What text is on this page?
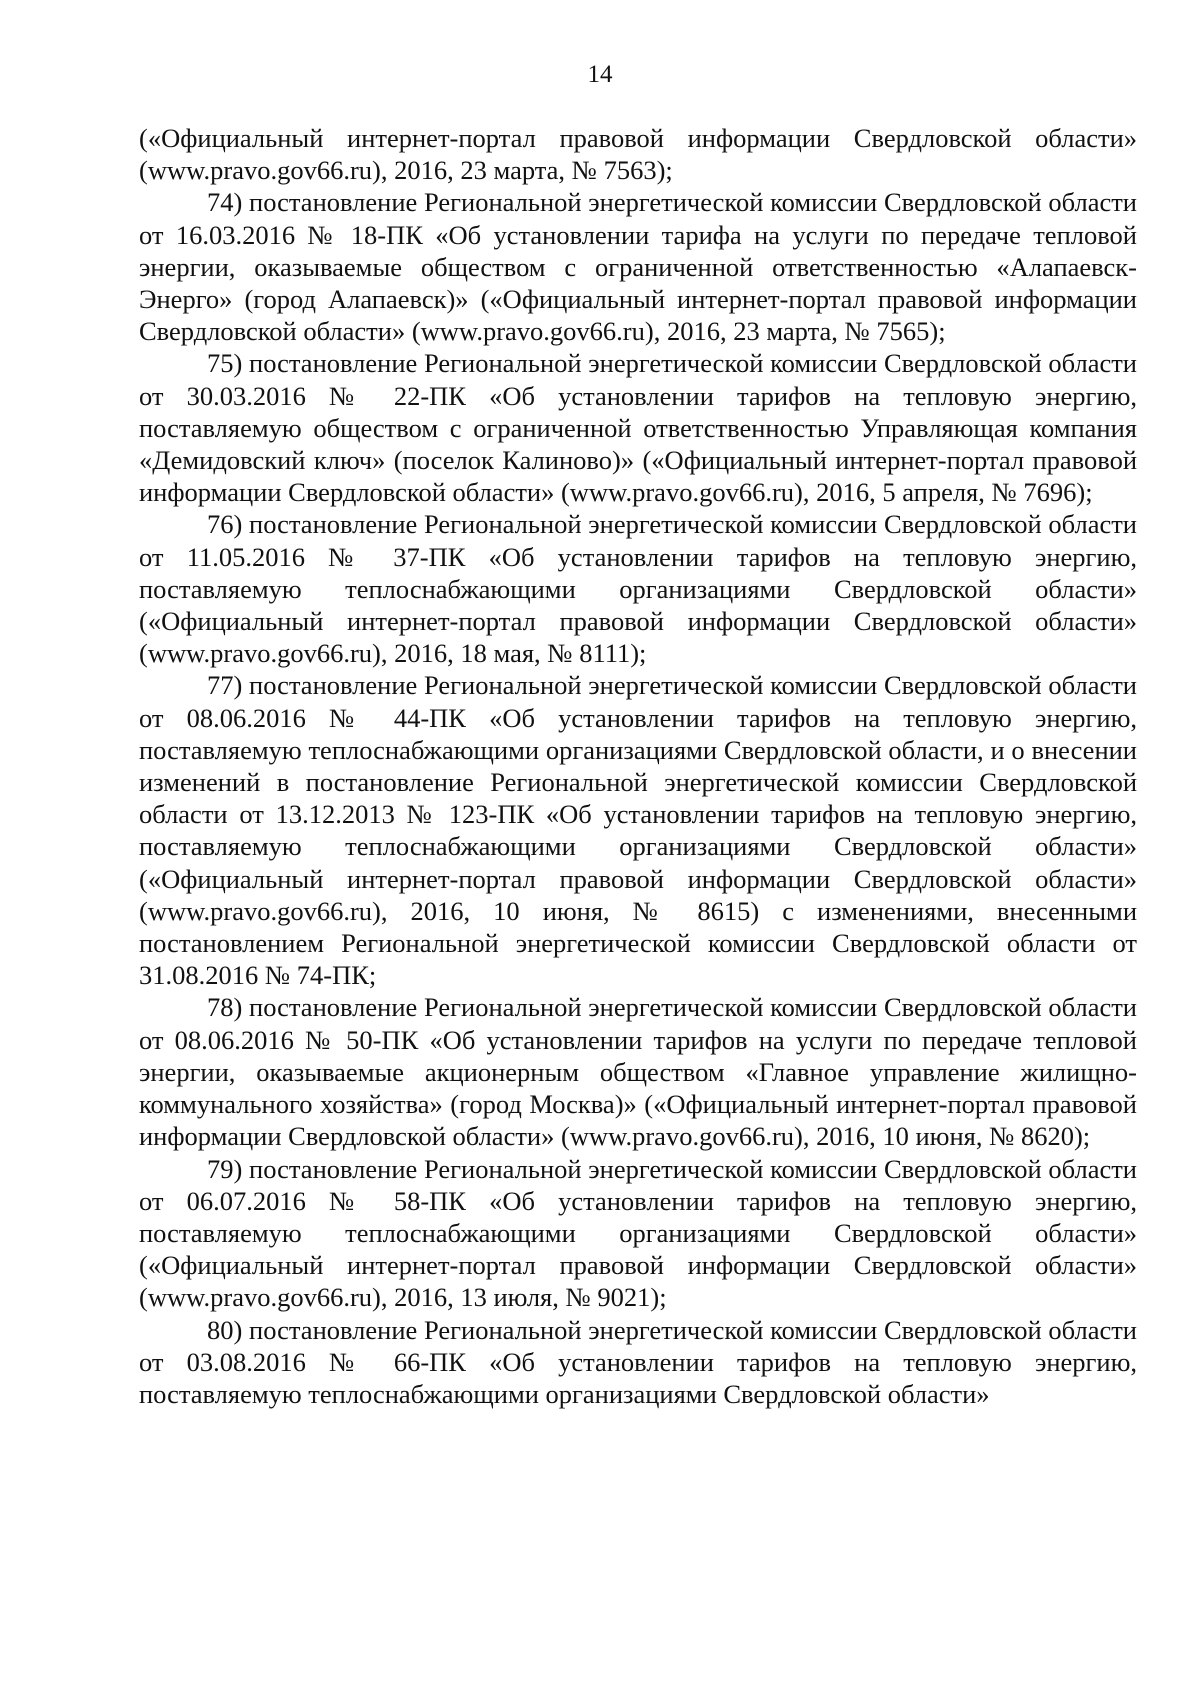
14

(«Официальный интернет-портал правовой информации Свердловской области» (www.pravo.gov66.ru), 2016, 23 марта, № 7563);

74) постановление Региональной энергетической комиссии Свердловской области от 16.03.2016 № 18-ПК «Об установлении тарифа на услуги по передаче тепловой энергии, оказываемые обществом с ограниченной ответственностью «Алапаевск-Энерго» (город Алапаевск)» («Официальный интернет-портал правовой информации Свердловской области» (www.pravo.gov66.ru), 2016, 23 марта, № 7565);

75) постановление Региональной энергетической комиссии Свердловской области от 30.03.2016 № 22-ПК «Об установлении тарифов на тепловую энергию, поставляемую обществом с ограниченной ответственностью Управляющая компания «Демидовский ключ» (поселок Калиново)» («Официальный интернет-портал правовой информации Свердловской области» (www.pravo.gov66.ru), 2016, 5 апреля, № 7696);

76) постановление Региональной энергетической комиссии Свердловской области от 11.05.2016 № 37-ПК «Об установлении тарифов на тепловую энергию, поставляемую теплоснабжающими организациями Свердловской области» («Официальный интернет-портал правовой информации Свердловской области» (www.pravo.gov66.ru), 2016, 18 мая, № 8111);

77) постановление Региональной энергетической комиссии Свердловской области от 08.06.2016 № 44-ПК «Об установлении тарифов на тепловую энергию, поставляемую теплоснабжающими организациями Свердловской области, и о внесении изменений в постановление Региональной энергетической комиссии Свердловской области от 13.12.2013 № 123-ПК «Об установлении тарифов на тепловую энергию, поставляемую теплоснабжающими организациями Свердловской области» («Официальный интернет-портал правовой информации Свердловской области» (www.pravo.gov66.ru), 2016, 10 июня, № 8615) с изменениями, внесенными постановлением Региональной энергетической комиссии Свердловской области от 31.08.2016 № 74-ПК;

78) постановление Региональной энергетической комиссии Свердловской области от 08.06.2016 № 50-ПК «Об установлении тарифов на услуги по передаче тепловой энергии, оказываемые акционерным обществом «Главное управление жилищно-коммунального хозяйства» (город Москва)» («Официальный интернет-портал правовой информации Свердловской области» (www.pravo.gov66.ru), 2016, 10 июня, № 8620);

79) постановление Региональной энергетической комиссии Свердловской области от 06.07.2016 № 58-ПК «Об установлении тарифов на тепловую энергию, поставляемую теплоснабжающими организациями Свердловской области» («Официальный интернет-портал правовой информации Свердловской области» (www.pravo.gov66.ru), 2016, 13 июля, № 9021);

80) постановление Региональной энергетической комиссии Свердловской области от 03.08.2016 № 66-ПК «Об установлении тарифов на тепловую энергию, поставляемую теплоснабжающими организациями Свердловской области»
